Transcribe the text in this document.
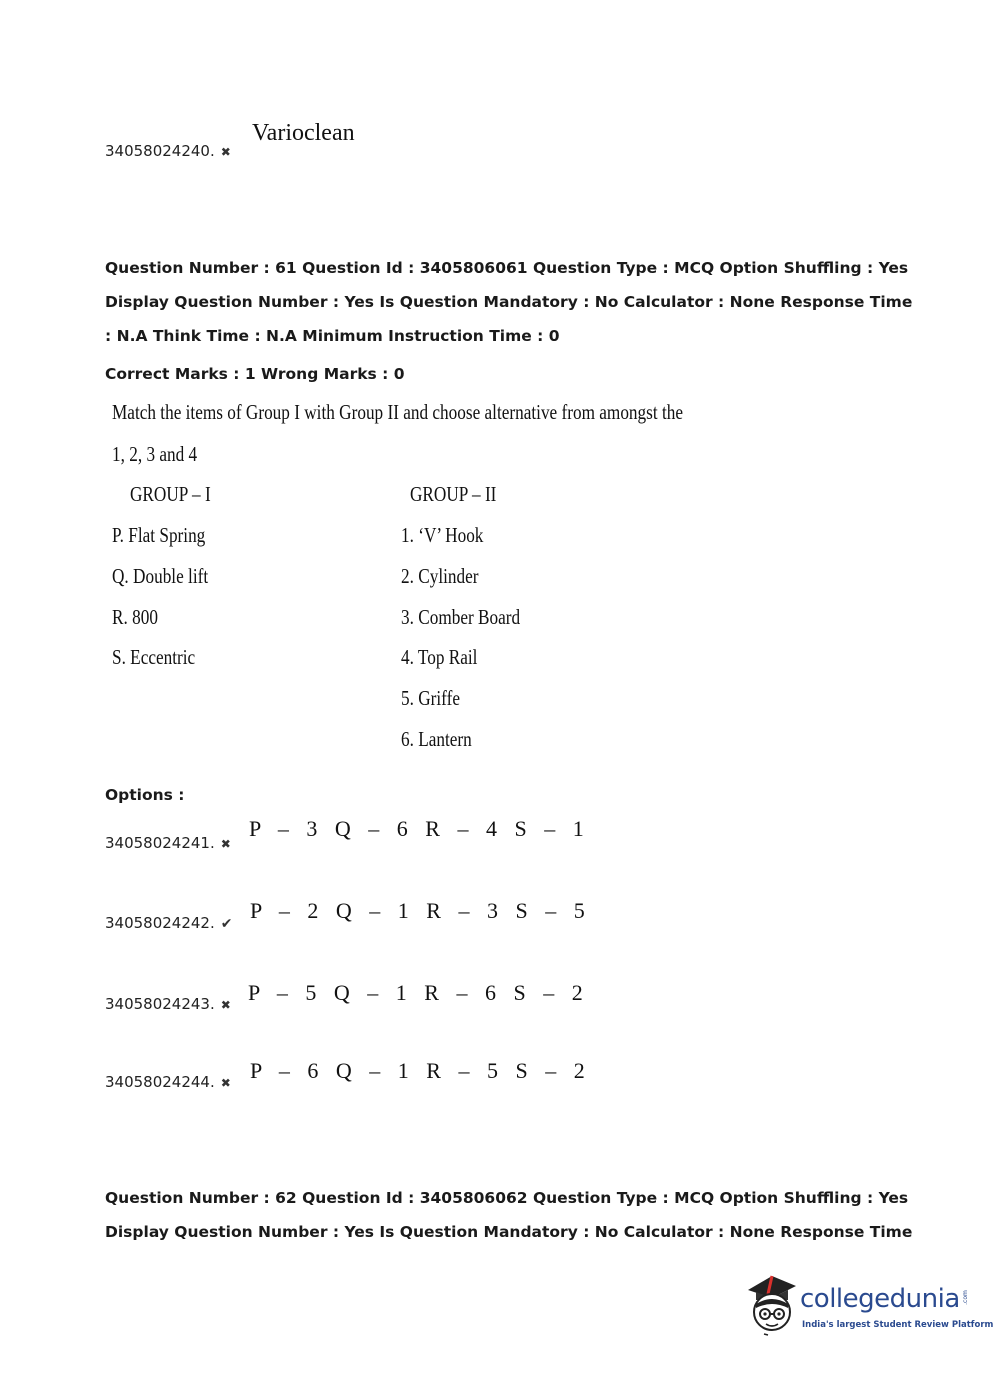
34058024240. ✖
Varioclean
Question Number : 61 Question Id : 3405806061 Question Type : MCQ Option Shuffling : Yes
Display Question Number : Yes Is Question Mandatory : No Calculator : None Response Time
: N.A Think Time : N.A Minimum Instruction Time : 0
Correct Marks : 1 Wrong Marks : 0
Match the items of Group I with Group II and choose alternative from amongst the
1, 2, 3 and 4
GROUP – I	GROUP – II
P. Flat Spring
Q. Double lift
R. 800
S. Eccentric
1. ‘V’ Hook
2. Cylinder
3. Comber Board
4. Top Rail
5. Griffe
6. Lantern
Options :
34058024241. ✖
P – 3 Q – 6 R – 4 S – 1
34058024242. ✔
P – 2 Q – 1 R – 3 S – 5
34058024243. ✖ P – 5 Q – 1 R – 6 S – 2
34058024244. ✖ P – 6 Q – 1 R – 5 S – 2
Question Number : 62 Question Id : 3405806062 Question Type : MCQ Option Shuffling : Yes
Display Question Number : Yes Is Question Mandatory : No Calculator : None Response Time
collegedunia .com
India's largest Student Review Platform
